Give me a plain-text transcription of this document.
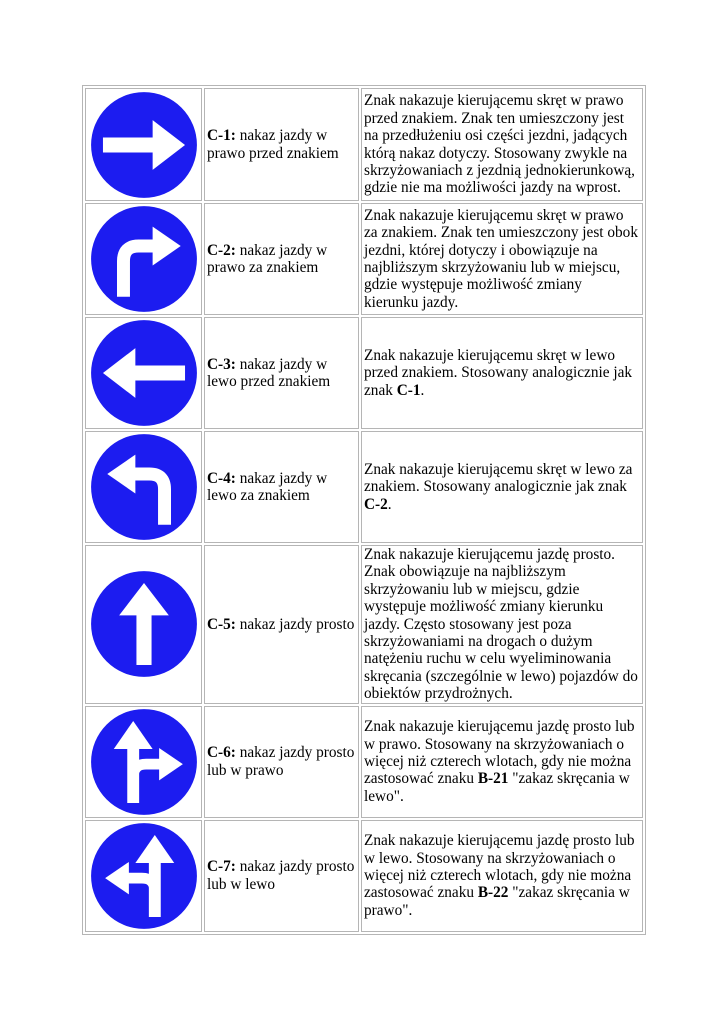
	C-1: nakaz jazdy w prawo przed znakiem	Znak nakazuje kierującemu skręt w prawo przed znakiem. Znak ten umieszczony jest na przedłużeniu osi części jezdni, jadących którą nakaz dotyczy. Stosowany zwykle na skrzyżowaniach z jezdnią jednokierunkową, gdzie nie ma możliwości jazdy na wprost.

	C-2: nakaz jazdy w prawo za znakiem	Znak nakazuje kierującemu skręt w prawo za znakiem. Znak ten umieszczony jest obok jezdni, której dotyczy i obowiązuje na najbliższym skrzyżowaniu lub w miejscu, gdzie występuje możliwość zmiany kierunku jazdy.

	C-3: nakaz jazdy w lewo przed znakiem	Znak nakazuje kierującemu skręt w lewo przed znakiem. Stosowany analogicznie jak znak C-1.

	C-4: nakaz jazdy w lewo za znakiem	Znak nakazuje kierującemu skręt w lewo za znakiem. Stosowany analogicznie jak znak C-2.

	C-5: nakaz jazdy prosto	Znak nakazuje kierującemu jazdę prosto. Znak obowiązuje na najbliższym skrzyżowaniu lub w miejscu, gdzie występuje możliwość zmiany kierunku jazdy. Często stosowany jest poza skrzyżowaniami na drogach o dużym natężeniu ruchu w celu wyeliminowania skręcania (szczególnie w lewo) pojazdów do obiektów przydrożnych.

	C-6: nakaz jazdy prosto lub w prawo	Znak nakazuje kierującemu jazdę prosto lub w prawo. Stosowany na skrzyżowaniach o więcej niż czterech wlotach, gdy nie można zastosować znaku B-21 "zakaz skręcania w lewo".

	C-7: nakaz jazdy prosto lub w lewo	Znak nakazuje kierującemu jazdę prosto lub w lewo. Stosowany na skrzyżowaniach o więcej niż czterech wlotach, gdy nie można zastosować znaku B-22 "zakaz skręcania w prawo".
